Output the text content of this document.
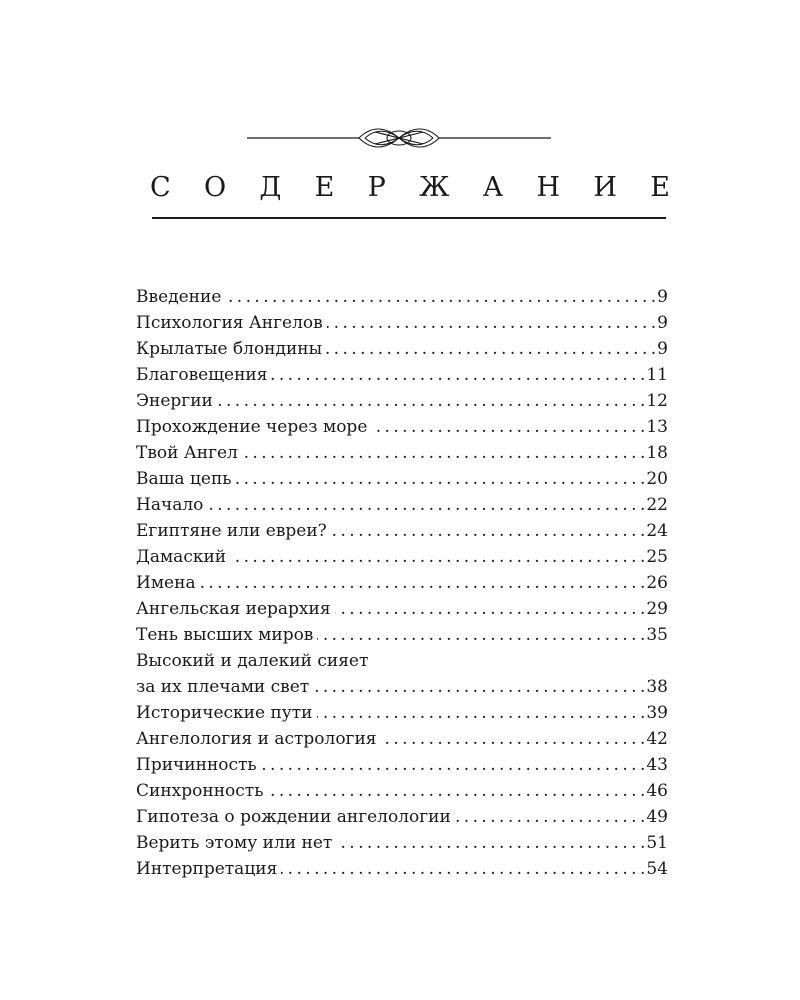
С О Д Е Р Ж А Н И Е
Введение . . .	9
Психология Ангелов . . .	9
Крылатые блондины . . .	9
Благовещения . . .	11
Энергии . . .	12
Прохождение через море . . .	13
Твой Ангел . . .	18
Ваша цепь . . .	20
Начало . . .	22
Египтяне или евреи? . . .	24
Дамаский . . .	25
Имена . . .	26
Ангельская иерархия . . .	29
Тень высших миров . . .	35
Высокий и далекий сияет
за их плечами свет . . .	38
Исторические пути . . .	39
Ангелология и астрология . . .	42
Причинность . . .	43
Синхронность . . .	46
Гипотеза о рождении ангелологии . . .	49
Верить этому или нет . . .	51
Интерпретация . . .	54
